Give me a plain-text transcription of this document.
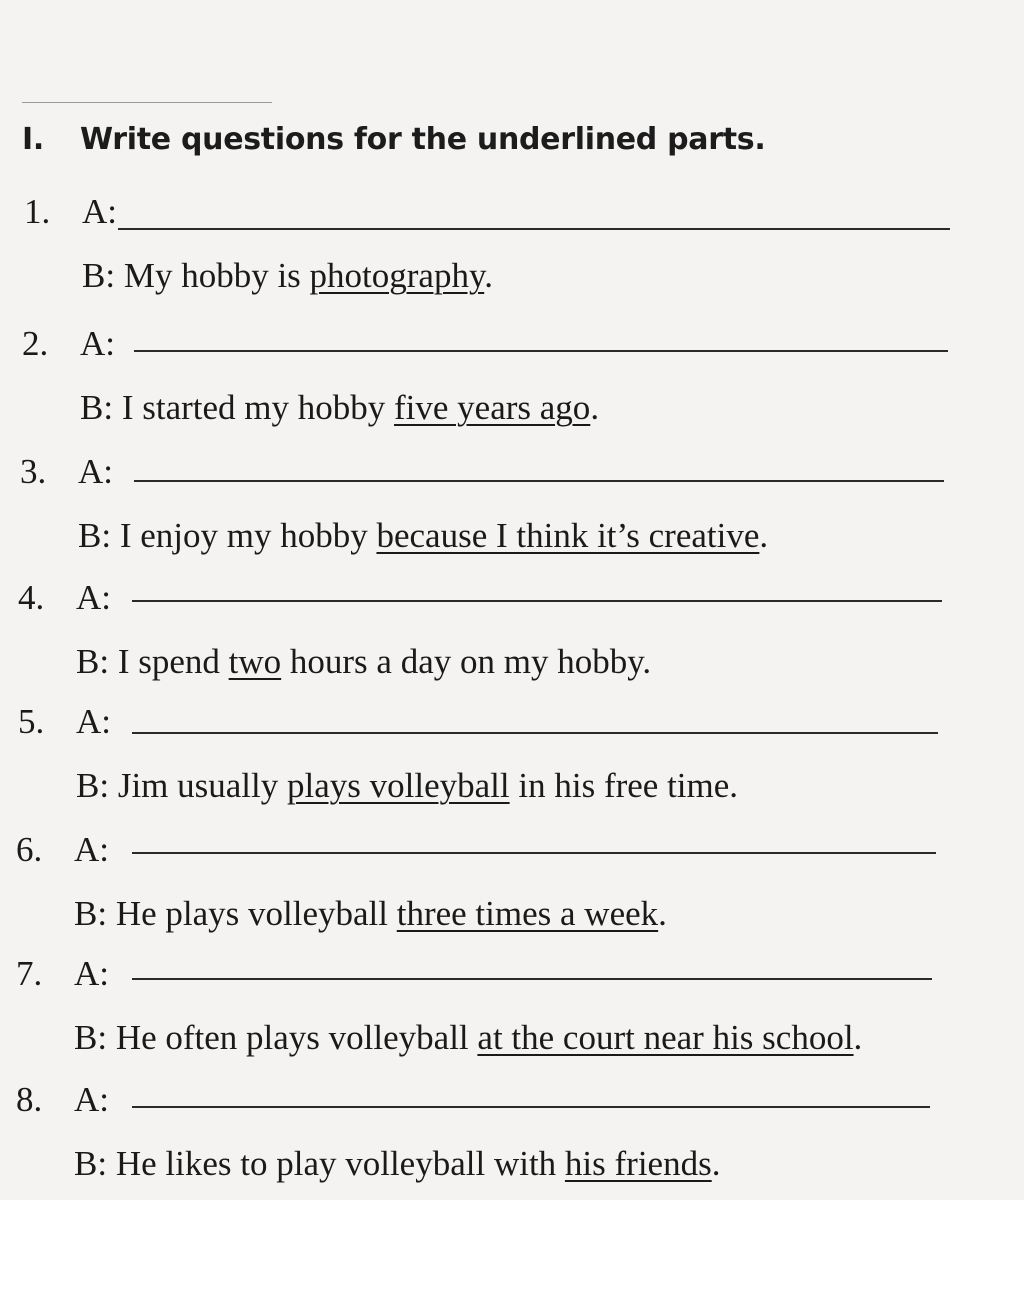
I. Write questions for the underlined parts.
1. A:
B: My hobby is photography.
2. A:
B: I started my hobby five years ago.
3. A:
B: I enjoy my hobby because I think it’s creative.
4. A:
B: I spend two hours a day on my hobby.
5. A:
B: Jim usually plays volleyball in his free time.
6. A:
B: He plays volleyball three times a week.
7. A:
B: He often plays volleyball at the court near his school.
8. A:
B: He likes to play volleyball with his friends.
